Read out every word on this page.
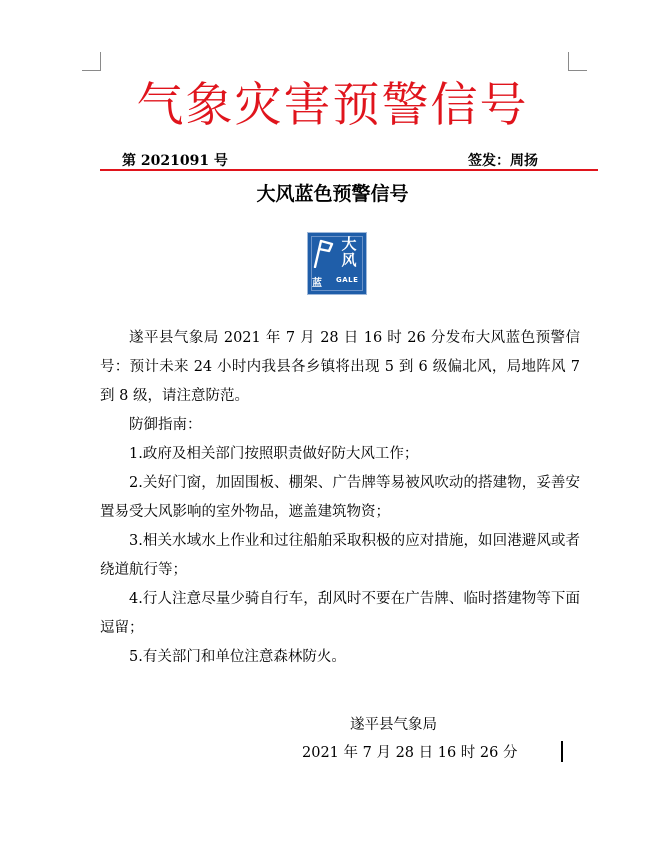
气象灾害预警信号
第 2021091 号	签发：周扬
大风蓝色预警信号
大
风
蓝 GALE

遂平县气象局 2021 年 7 月 28 日 16 时 26 分发布大风蓝色预警信号：预计未来 24 小时内我县各乡镇将出现 5 到 6 级偏北风，局地阵风 7 到 8 级，请注意防范。

防御指南：

1.政府及相关部门按照职责做好防大风工作；

2.关好门窗，加固围板、棚架、广告牌等易被风吹动的搭建物，妥善安置易受大风影响的室外物品，遮盖建筑物资；

3.相关水域水上作业和过往船舶采取积极的应对措施，如回港避风或者绕道航行等；

4.行人注意尽量少骑自行车，刮风时不要在广告牌、临时搭建物等下面逗留；

5.有关部门和单位注意森林防火。

遂平县气象局
2021 年 7 月 28 日 16 时 26 分
